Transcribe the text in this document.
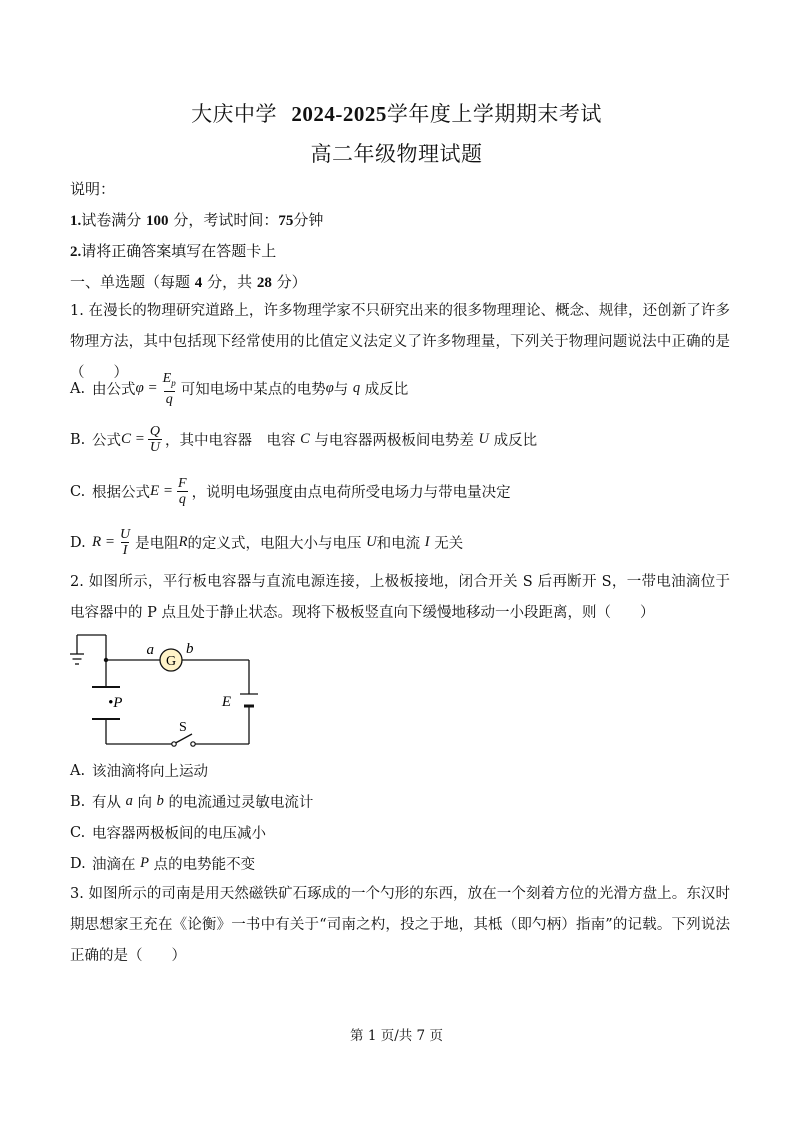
大庆中学 2024-2025学年度上学期期末考试
高二年级物理试题
说明：
1.试卷满分 100 分，考试时间：75分钟
2.请将正确答案填写在答题卡上
一、单选题（每题 4 分，共 28 分）
1. 在漫长的物理研究道路上，许多物理学家不只研究出来的很多物理理论、概念、规律，还创新了许多物理方法，其中包括现下经常使用的比值定义法定义了许多物理量，下列关于物理问题说法中正确的是（　　）
A. 由公式 $\varphi = \frac{E_p}{q}$ 可知电场中某点的电势 φ 与
q
成反比
B. 公式 $C = \frac{Q}{U}$ ，其中电容器　电容
C
与电容器两极板间电势差
U
成反比
C. 根据公式 $E = \frac{F}{q}$ ，说明电场强度由点电荷所受电场力与带电量决定
D. $R = \frac{U}{I}$ 是电阻 R 的定义式，电阻大小与电压
U 和电流
I
无关
2. 如图所示，平行板电容器与直流电源连接，上极板接地，闭合开关 S 后再断开 S，一带电油滴位于电容器中的 P 点且处于静止状态。现将下极板竖直向下缓慢地移动一小段距离，则（　　）
G
a b
•P	E
S
A. 该油滴将向上运动
B. 有从
a
向
b
的电流通过灵敏电流计
C. 电容器两极板间的电压减小
D. 油滴在
P
点的电势能不变
3. 如图所示的司南是用天然磁铁矿石琢成的一个勺形的东西，放在一个刻着方位的光滑方盘上。东汉时期思想家王充在《论衡》一书中有关于“司南之杓，投之于地，其柢（即勺柄）指南”的记载。下列说法正确的是（　　）
第 1 页/共 7 页
